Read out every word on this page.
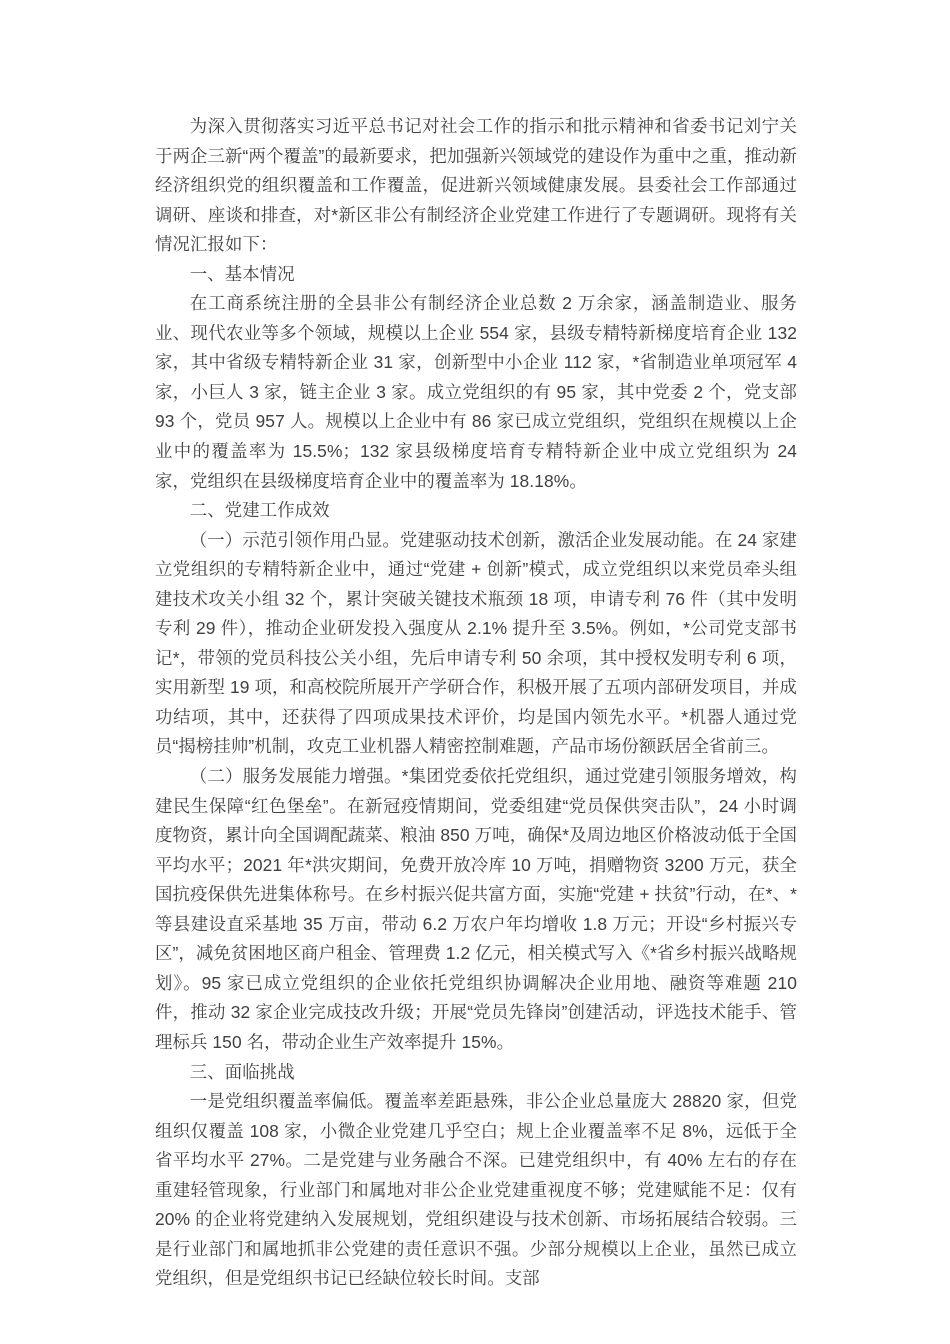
为深入贯彻落实习近平总书记对社会工作的指示和批示精神和省委书记刘宁关于两企三新“两个覆盖”的最新要求，把加强新兴领域党的建设作为重中之重，推动新经济组织党的组织覆盖和工作覆盖，促进新兴领域健康发展。县委社会工作部通过调研、座谈和排查，对*新区非公有制经济企业党建工作进行了专题调研。现将有关情况汇报如下：

一、基本情况

在工商系统注册的全县非公有制经济企业总数 2 万余家，涵盖制造业、服务业、现代农业等多个领域，规模以上企业 554 家，县级专精特新梯度培育企业 132 家，其中省级专精特新企业 31 家，创新型中小企业 112 家，*省制造业单项冠军 4 家，小巨人 3 家，链主企业 3 家。成立党组织的有 95 家，其中党委 2 个，党支部 93 个，党员 957 人。规模以上企业中有 86 家已成立党组织，党组织在规模以上企业中的覆盖率为 15.5%；132 家县级梯度培育专精特新企业中成立党组织为 24 家，党组织在县级梯度培育企业中的覆盖率为 18.18%。

二、党建工作成效

（一）示范引领作用凸显。党建驱动技术创新，激活企业发展动能。在 24 家建立党组织的专精特新企业中，通过“党建 + 创新”模式，成立党组织以来党员牵头组建技术攻关小组 32 个，累计突破关键技术瓶颈 18 项，申请专利 76 件（其中发明专利 29 件），推动企业研发投入强度从 2.1% 提升至 3.5%。例如，*公司党支部书记*，带领的党员科技公关小组，先后申请专利 50 余项，其中授权发明专利 6 项，实用新型 19 项，和高校院所展开产学研合作，积极开展了五项内部研发项目，并成功结项，其中，还获得了四项成果技术评价，均是国内领先水平。*机器人通过党员“揭榜挂帅”机制，攻克工业机器人精密控制难题，产品市场份额跃居全省前三。

（二）服务发展能力增强。*集团党委依托党组织，通过党建引领服务增效，构建民生保障“红色堡垒”。在新冠疫情期间，党委组建“党员保供突击队”，24 小时调度物资，累计向全国调配蔬菜、粮油 850 万吨，确保*及周边地区价格波动低于全国平均水平；2021 年*洪灾期间，免费开放冷库 10 万吨，捐赠物资 3200 万元，获全国抗疫保供先进集体称号。在乡村振兴促共富方面，实施“党建 + 扶贫”行动，在*、*等县建设直采基地 35 万亩，带动 6.2 万农户年均增收 1.8 万元；开设“乡村振兴专区”，减免贫困地区商户租金、管理费 1.2 亿元，相关模式写入《*省乡村振兴战略规划》。95 家已成立党组织的企业依托党组织协调解决企业用地、融资等难题 210 件，推动 32 家企业完成技改升级；开展“党员先锋岗”创建活动，评选技术能手、管理标兵 150 名，带动企业生产效率提升 15%。

三、面临挑战

一是党组织覆盖率偏低。覆盖率差距悬殊，非公企业总量庞大 28820 家，但党组织仅覆盖 108 家，小微企业党建几乎空白；规上企业覆盖率不足 8%，远低于全省平均水平 27%。二是党建与业务融合不深。已建党组织中，有 40% 左右的存在重建轻管现象，行业部门和属地对非公企业党建重视度不够；党建赋能不足：仅有 20% 的企业将党建纳入发展规划，党组织建设与技术创新、市场拓展结合较弱。三是行业部门和属地抓非公党建的责任意识不强。少部分规模以上企业，虽然已成立党组织，但是党组织书记已经缺位较长时间。支部
